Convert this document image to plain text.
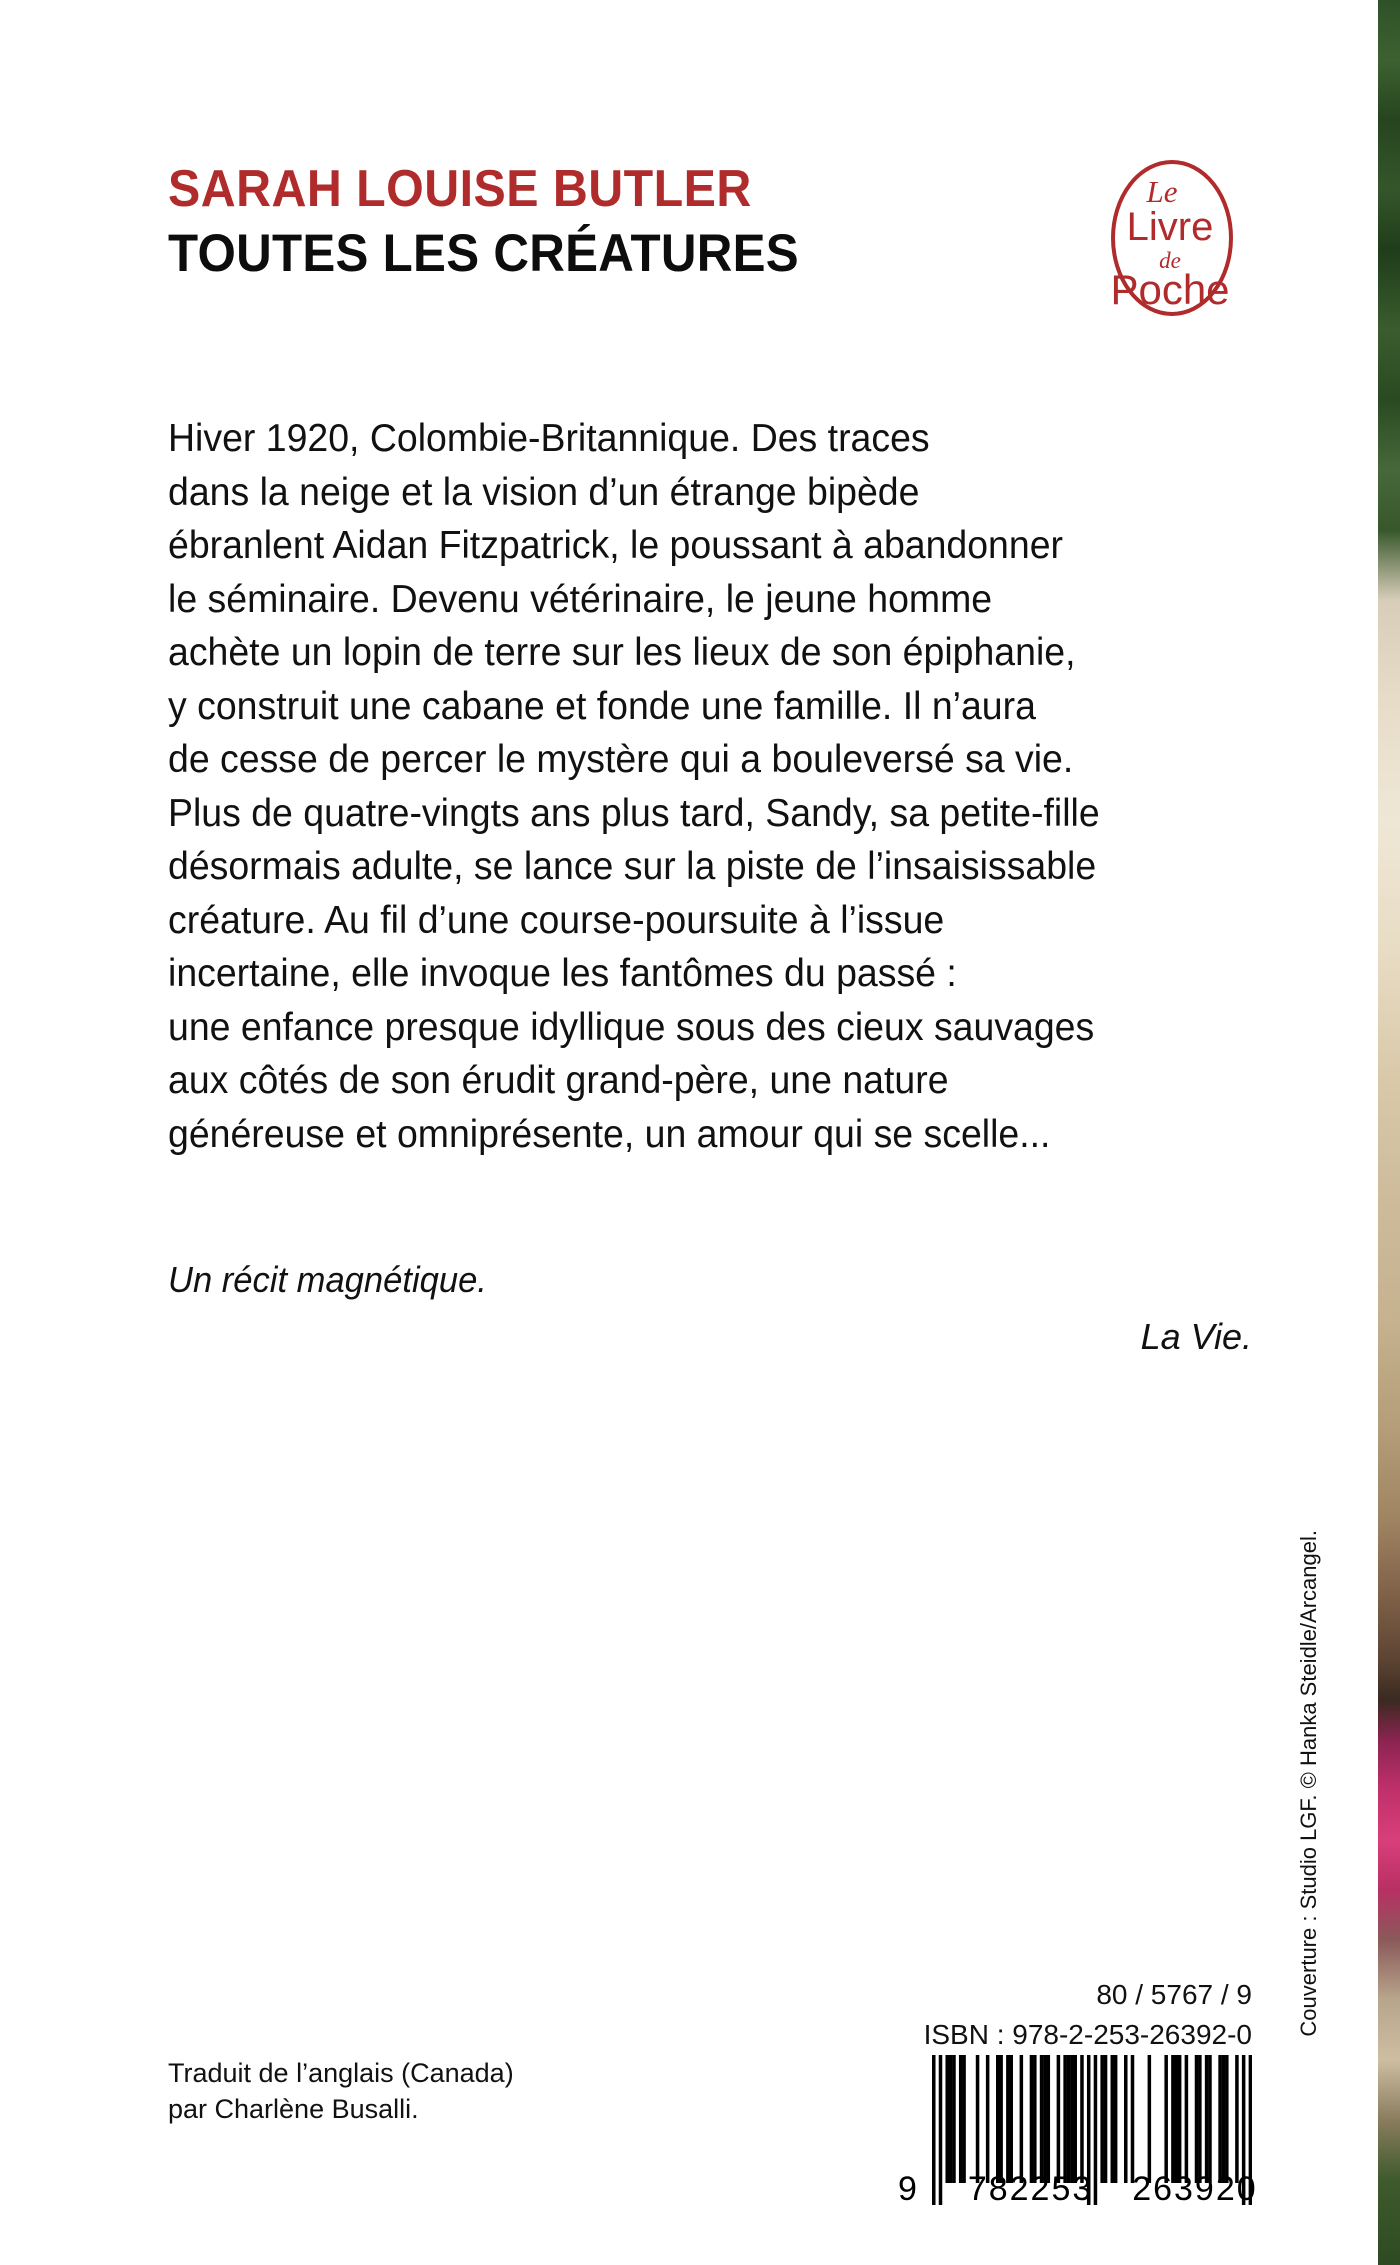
SARAH LOUISE BUTLER
TOUTES LES CRÉATURES
Le
Livre
de
Poche
Hiver 1920, Colombie-Britannique. Des traces
dans la neige et la vision d’un étrange bipède
ébranlent Aidan Fitzpatrick, le poussant à abandonner
le séminaire. Devenu vétérinaire, le jeune homme
achète un lopin de terre sur les lieux de son épiphanie,
y construit une cabane et fonde une famille. Il n’aura
de cesse de percer le mystère qui a bouleversé sa vie.
Plus de quatre-vingts ans plus tard, Sandy, sa petite-fille
désormais adulte, se lance sur la piste de l’insaisissable
créature. Au fil d’une course-poursuite à l’issue
incertaine, elle invoque les fantômes du passé :
une enfance presque idyllique sous des cieux sauvages
aux côtés de son érudit grand-père, une nature
généreuse et omniprésente, un amour qui se scelle...
Un récit magnétique.
La Vie.
Couverture : Studio LGF. © Hanka Steidle/Arcangel.
80 / 5767 / 9
ISBN : 978-2-253-26392-0
9 782253 263920
Traduit de l’anglais (Canada)
par Charlène Busalli.
